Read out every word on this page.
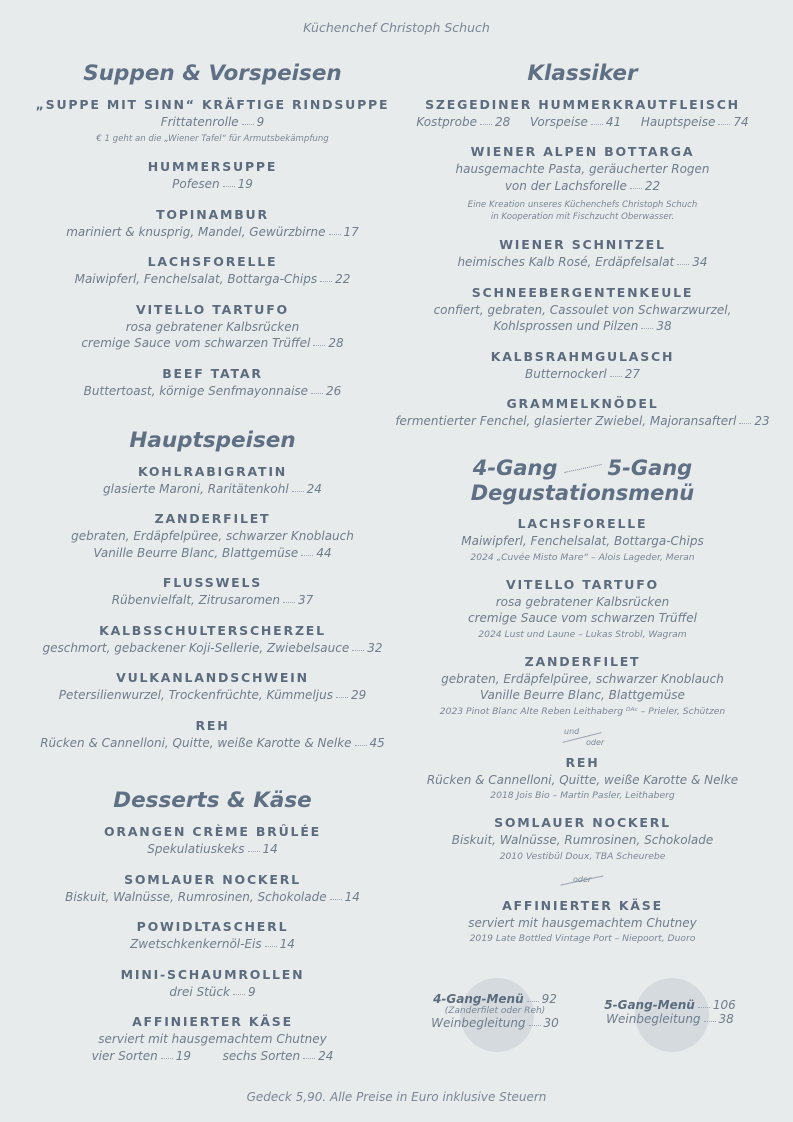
Küchenchef Christoph Schuch
Suppen & Vorspeisen
„SUPPE MIT SINN“ KRÄFTIGE RINDSUPPE
Frittatenrolle 9
€ 1 geht an die „Wiener Tafel“ für Armutsbekämpfung
HUMMERSUPPE
Pofesen 19
TOPINAMBUR
mariniert & knusprig, Mandel, Gewürzbirne 17
LACHSFORELLE
Maiwipferl, Fenchelsalat, Bottarga-Chips 22
VITELLO TARTUFO
rosa gebratener Kalbsrücken
cremige Sauce vom schwarzen Trüffel 28
BEEF TATAR
Buttertoast, körnige Senfmayonnaise 26
Hauptspeisen
KOHLRABIGRATIN
glasierte Maroni, Raritätenkohl 24
ZANDERFILET
gebraten, Erdäpfelpüree, schwarzer Knoblauch
Vanille Beurre Blanc, Blattgemüse 44
FLUSSWELS
Rübenvielfalt, Zitrusaromen 37
KALBSSCHULTERSCHERZEL
geschmort, gebackener Koji-Sellerie, Zwiebelsauce 32
VULKANLANDSCHWEIN
Petersilienwurzel, Trockenfrüchte, Kümmeljus 29
REH
Rücken & Cannelloni, Quitte, weiße Karotte & Nelke 45
Desserts & Käse
ORANGEN CRÈME BRÛLÉE
Spekulatiuskeks 14
SOMLAUER NOCKERL
Biskuit, Walnüsse, Rumrosinen, Schokolade 14
POWIDLTASCHERL
Zwetschkenkernöl-Eis 14
MINI-SCHAUMROLLEN
drei Stück 9
AFFINIERTER KÄSE
serviert mit hausgemachtem Chutney
vier Sorten 19	sechs Sorten 24
Klassiker
SZEGEDINER HUMMERKRAUTFLEISCH
Kostprobe 28 Vorspeise 41 Hauptspeise 74
WIENER ALPEN BOTTARGA
hausgemachte Pasta, geräucherter Rogen
von der Lachsforelle 22
Eine Kreation unseres Küchenchefs Christoph Schuch
in Kooperation mit Fischzucht Oberwasser.
WIENER SCHNITZEL
heimisches Kalb Rosé, Erdäpfelsalat 34
SCHNEEBERGENTENKEULE
confiert, gebraten, Cassoulet von Schwarzwurzel,
Kohlsprossen und Pilzen 38
KALBSRAHMGULASCH
Butternockerl 27
GRAMMELKNÖDEL
fermentierter Fenchel, glasierter Zwiebel, Majoransafterl 23
4-Gang 5-Gang
Degustationsmenü
LACHSFORELLE
Maiwipferl, Fenchelsalat, Bottarga-Chips
2024 „Cuvée Misto Mare“ – Alois Lageder, Meran
VITELLO TARTUFO
rosa gebratener Kalbsrücken
cremige Sauce vom schwarzen Trüffel
2024 Lust und Laune – Lukas Strobl, Wagram
ZANDERFILET
gebraten, Erdäpfelpüree, schwarzer Knoblauch
Vanille Beurre Blanc, Blattgemüse
2023 Pinot Blanc Alte Reben Leithaberg ᴰᴬᶜ – Prieler, Schützen
und
oder
REH
Rücken & Cannelloni, Quitte, weiße Karotte & Nelke
2018 Jois Bio – Martin Pasler, Leithaberg
SOMLAUER NOCKERL
Biskuit, Walnüsse, Rumrosinen, Schokolade
2010 Vestibül Doux, TBA Scheurebe
oder
AFFINIERTER KÄSE
serviert mit hausgemachtem Chutney
2019 Late Bottled Vintage Port – Niepoort, Duoro
4-Gang-Menü 92
(Zanderfilet oder Reh)
Weinbegleitung 30
5-Gang-Menü 106
Weinbegleitung 38
Gedeck 5,90. Alle Preise in Euro inklusive Steuern
